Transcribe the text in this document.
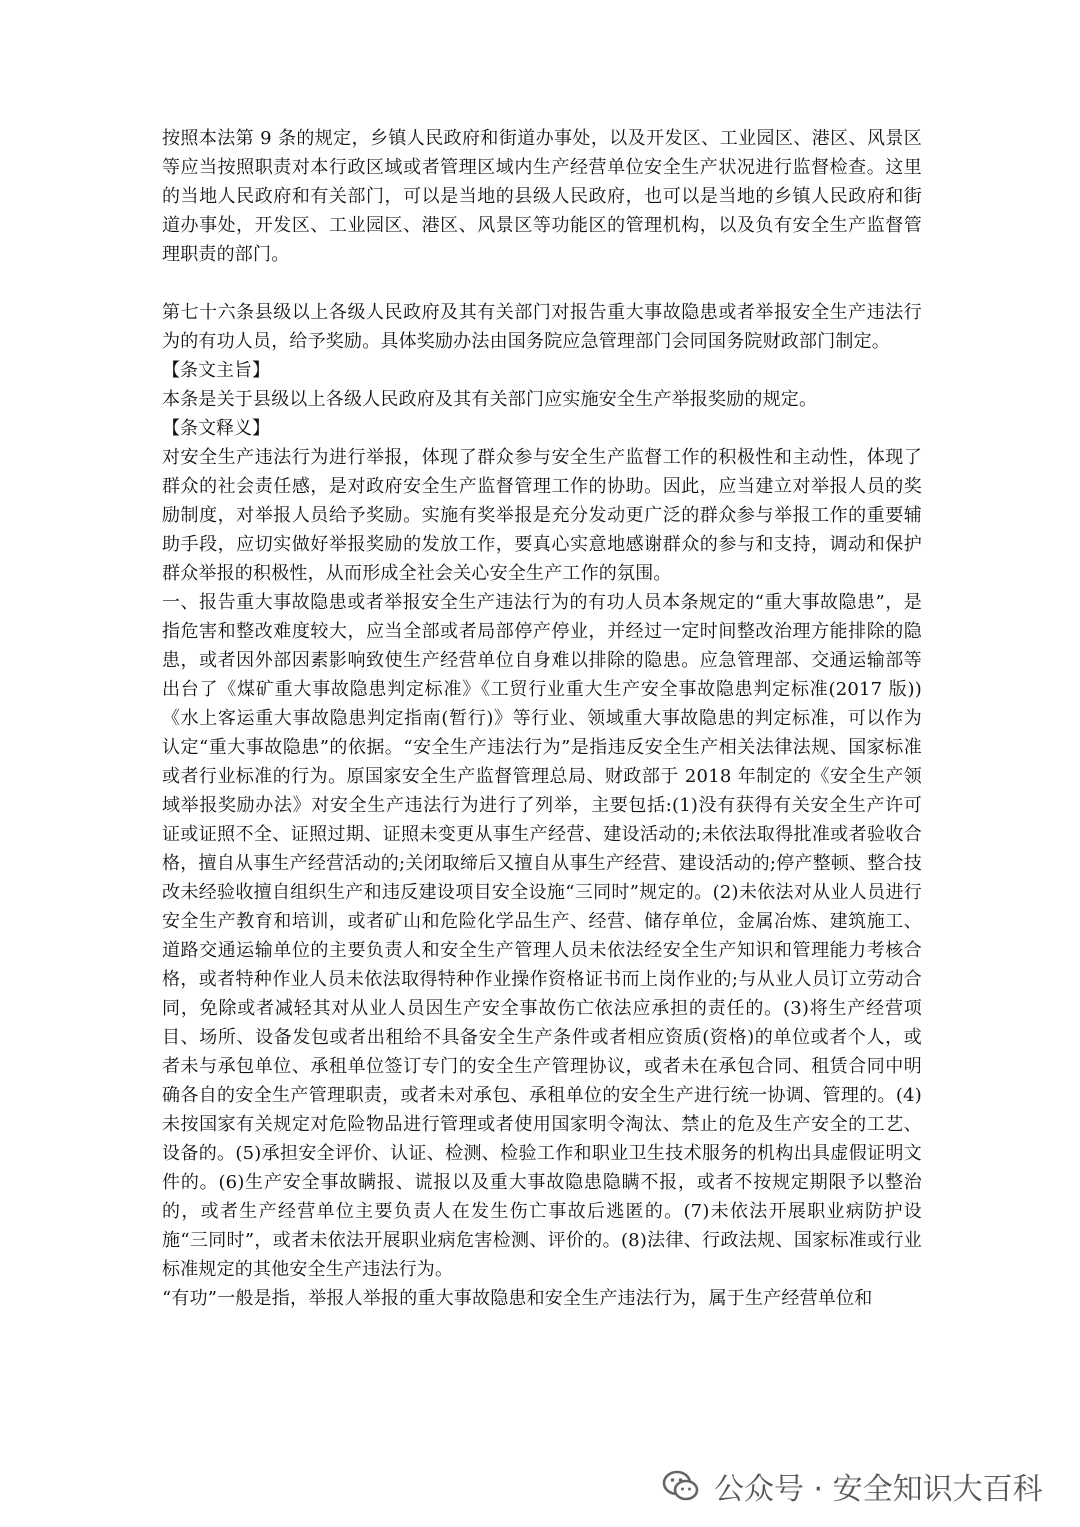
按照本法第 9 条的规定，乡镇人民政府和街道办事处，以及开发区、工业园区、港区、风景区等应当按照职责对本行政区域或者管理区域内生产经营单位安全生产状况进行监督检查。这里的当地人民政府和有关部门，可以是当地的县级人民政府，也可以是当地的乡镇人民政府和街道办事处，开发区、工业园区、港区、风景区等功能区的管理机构，以及负有安全生产监督管理职责的部门。

第七十六条县级以上各级人民政府及其有关部门对报告重大事故隐患或者举报安全生产违法行为的有功人员，给予奖励。具体奖励办法由国务院应急管理部门会同国务院财政部门制定。

【条文主旨】

本条是关于县级以上各级人民政府及其有关部门应实施安全生产举报奖励的规定。

【条文释义】

对安全生产违法行为进行举报，体现了群众参与安全生产监督工作的积极性和主动性，体现了群众的社会责任感，是对政府安全生产监督管理工作的协助。因此，应当建立对举报人员的奖励制度，对举报人员给予奖励。实施有奖举报是充分发动更广泛的群众参与举报工作的重要辅助手段，应切实做好举报奖励的发放工作，要真心实意地感谢群众的参与和支持，调动和保护群众举报的积极性，从而形成全社会关心安全生产工作的氛围。

一、报告重大事故隐患或者举报安全生产违法行为的有功人员本条规定的“重大事故隐患”，是指危害和整改难度较大，应当全部或者局部停产停业，并经过一定时间整改治理方能排除的隐患，或者因外部因素影响致使生产经营单位自身难以排除的隐患。应急管理部、交通运输部等出台了《煤矿重大事故隐患判定标准》《工贸行业重大生产安全事故隐患判定标准(2017 版))《水上客运重大事故隐患判定指南(暂行)》等行业、领域重大事故隐患的判定标准，可以作为认定“重大事故隐患”的依据。“安全生产违法行为”是指违反安全生产相关法律法规、国家标准或者行业标准的行为。原国家安全生产监督管理总局、财政部于 2018 年制定的《安全生产领域举报奖励办法》对安全生产违法行为进行了列举，主要包括:(1)没有获得有关安全生产许可证或证照不全、证照过期、证照未变更从事生产经营、建设活动的;未依法取得批准或者验收合格，擅自从事生产经营活动的;关闭取缔后又擅自从事生产经营、建设活动的;停产整顿、整合技改未经验收擅自组织生产和违反建设项目安全设施“三同时”规定的。(2)未依法对从业人员进行安全生产教育和培训，或者矿山和危险化学品生产、经营、储存单位，金属冶炼、建筑施工、道路交通运输单位的主要负责人和安全生产管理人员未依法经安全生产知识和管理能力考核合格，或者特种作业人员未依法取得特种作业操作资格证书而上岗作业的;与从业人员订立劳动合同，免除或者减轻其对从业人员因生产安全事故伤亡依法应承担的责任的。(3)将生产经营项目、场所、设备发包或者出租给不具备安全生产条件或者相应资质(资格)的单位或者个人，或者未与承包单位、承租单位签订专门的安全生产管理协议，或者未在承包合同、租赁合同中明确各自的安全生产管理职责，或者未对承包、承租单位的安全生产进行统一协调、管理的。(4)未按国家有关规定对危险物品进行管理或者使用国家明令淘汰、禁止的危及生产安全的工艺、设备的。(5)承担安全评价、认证、检测、检验工作和职业卫生技术服务的机构出具虚假证明文件的。(6)生产安全事故瞒报、谎报以及重大事故隐患隐瞒不报，或者不按规定期限予以整治的，或者生产经营单位主要负责人在发生伤亡事故后逃匿的。(7)未依法开展职业病防护设施“三同时”，或者未依法开展职业病危害检测、评价的。(8)法律、行政法规、国家标准或行业标准规定的其他安全生产违法行为。

“有功”一般是指，举报人举报的重大事故隐患和安全生产违法行为，属于生产经营单位和

公众号 · 安全知识大百科
